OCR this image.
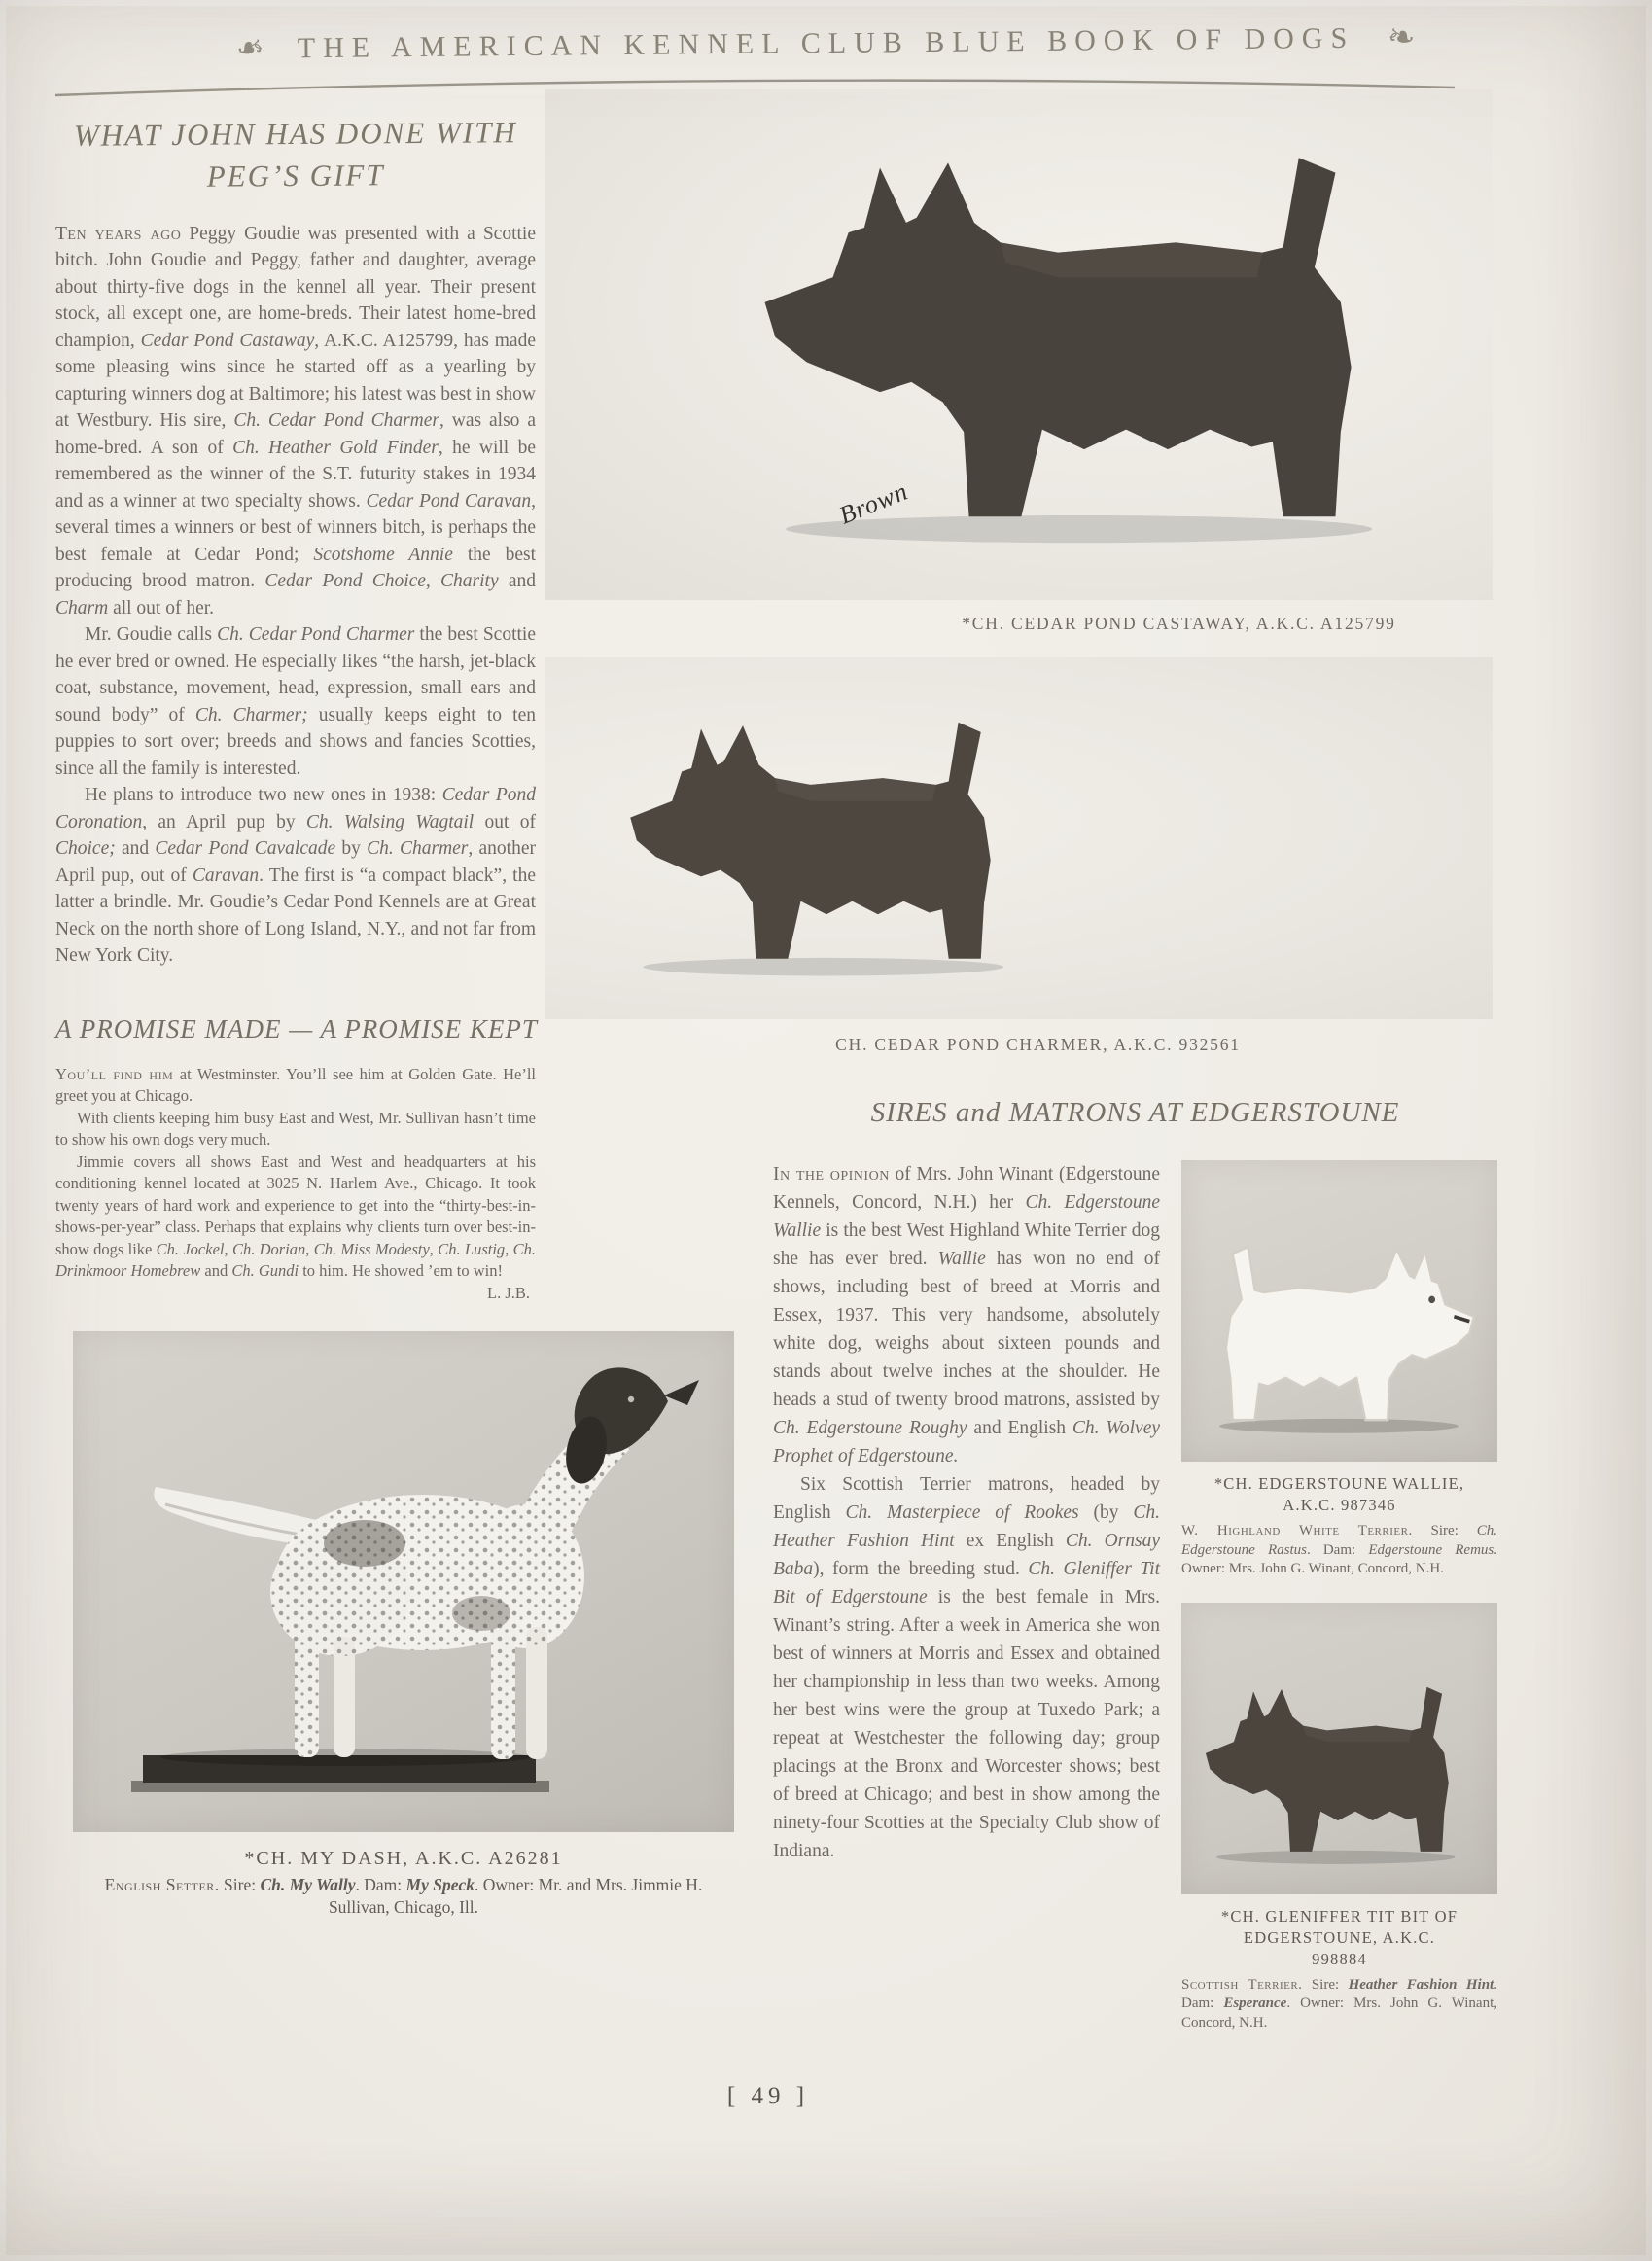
❧ THE AMERICAN KENNEL CLUB BLUE BOOK OF DOGS ❧
WHAT JOHN HAS DONE WITH
PEG’S GIFT

Ten years ago Peggy Goudie was presented with a Scottie bitch. John Goudie and Peggy, father and daughter, average about thirty-five dogs in the kennel all year. Their present stock, all except one, are home-breds. Their latest home-bred champion, Cedar Pond Castaway, A.K.C. A125799, has made some pleasing wins since he started off as a yearling by capturing winners dog at Baltimore; his latest was best in show at Westbury. His sire, Ch. Cedar Pond Charmer, was also a home-bred. A son of Ch. Heather Gold Finder, he will be remembered as the winner of the S.T. futurity stakes in 1934 and as a winner at two specialty shows. Cedar Pond Caravan, several times a winners or best of winners bitch, is perhaps the best female at Cedar Pond; Scotshome Annie the best producing brood matron. Cedar Pond Choice, Charity and Charm all out of her.

Mr. Goudie calls Ch. Cedar Pond Charmer the best Scottie he ever bred or owned. He especially likes “the harsh, jet-black coat, substance, movement, head, expression, small ears and sound body” of Ch. Charmer; usually keeps eight to ten puppies to sort over; breeds and shows and fancies Scotties, since all the family is interested.

He plans to introduce two new ones in 1938: Cedar Pond Coronation, an April pup by Ch. Walsing Wagtail out of Choice; and Cedar Pond Cavalcade by Ch. Charmer, another April pup, out of Caravan. The first is “a compact black”, the latter a brindle. Mr. Goudie’s Cedar Pond Kennels are at Great Neck on the north shore of Long Island, N.Y., and not far from New York City.

A PROMISE MADE — A PROMISE KEPT

You’ll find him at Westminster. You’ll see him at Golden Gate. He’ll greet you at Chicago.

With clients keeping him busy East and West, Mr. Sullivan hasn’t time to show his own dogs very much.

Jimmie covers all shows East and West and headquarters at his conditioning kennel located at 3025 N. Harlem Ave., Chicago. It took twenty years of hard work and experience to get into the “thirty-best-in-shows-per-year” class. Perhaps that explains why clients turn over best-in-show dogs like Ch. Jockel, Ch. Dorian, Ch. Miss Modesty, Ch. Lustig, Ch. Drinkmoor Homebrew and Ch. Gundi to him. He showed ’em to win!

L. J.B.
*CH. MY DASH, A.K.C. A26281
English Setter. Sire: Ch. My Wally. Dam: My Speck. Owner: Mr. and Mrs. Jimmie H. Sullivan, Chicago, Ill.
Brown
*CH. CEDAR POND CASTAWAY, A.K.C. A125799
CH. CEDAR POND CHARMER, A.K.C. 932561
SIRES and MATRONS AT EDGERSTOUNE

In the opinion of Mrs. John Winant (Edgerstoune Kennels, Concord, N.H.) her Ch. Edgerstoune Wallie is the best West Highland White Terrier dog she has ever bred. Wallie has won no end of shows, including best of breed at Morris and Essex, 1937. This very handsome, absolutely white dog, weighs about sixteen pounds and stands about twelve inches at the shoulder. He heads a stud of twenty brood matrons, assisted by Ch. Edgerstoune Roughy and English Ch. Wolvey Prophet of Edgerstoune.

Six Scottish Terrier matrons, headed by English Ch. Masterpiece of Rookes (by Ch. Heather Fashion Hint ex English Ch. Ornsay Baba), form the breeding stud. Ch. Gleniffer Tit Bit of Edgerstoune is the best female in Mrs. Winant’s string. After a week in America she won best of winners at Morris and Essex and obtained her championship in less than two weeks. Among her best wins were the group at Tuxedo Park; a repeat at Westchester the following day; group placings at the Bronx and Worcester shows; best of breed at Chicago; and best in show among the ninety-four Scotties at the Specialty Club show of Indiana.

*CH. EDGERSTOUNE WALLIE,
A.K.C. 987346
W. Highland White Terrier. Sire: Ch. Edgerstoune Rastus. Dam: Edgerstoune Remus. Owner: Mrs. John G. Winant, Concord, N.H.
*CH. GLENIFFER TIT BIT OF
EDGERSTOUNE, A.K.C.
998884
Scottish Terrier. Sire: Heather Fashion Hint. Dam: Esperance. Owner: Mrs. John G. Winant, Concord, N.H.
[ 49 ]
